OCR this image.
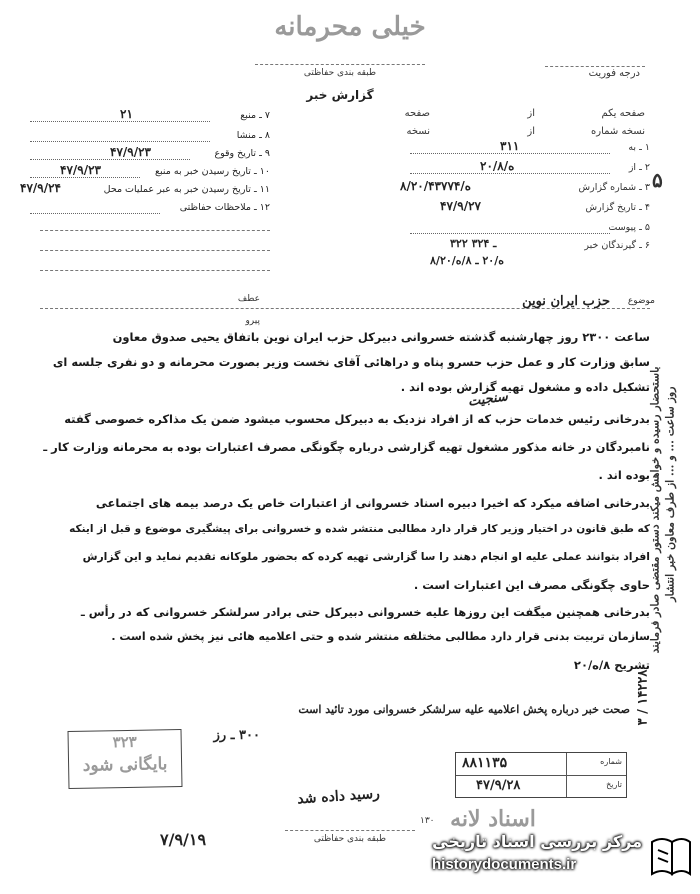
خیلی محرمانه
طبقه بندی حفاظتی	درجه فوریت
گزارش خبر
۷ ـ منبع
۲۱
۸ ـ منشا
۹ ـ تاریخ وقوع
۴۷/۹/۲۳
۱۰ ـ تاریخ رسیدن خبر به منبع
۴۷/۹/۲۳
۱۱ ـ تاریخ رسیدن خبر به عبر عملیات محل
۴۷/۹/۲۴
۱۲ ـ ملاحظات حفاظتی
صفحه یکم
از
صفحه
نسخه شماره
از
نسخه
۱ ـ به
۳۱۱
۲ ـ از
۲۰/ه/۸
۳ ـ شماره گزارش
۸/ه/۲۰/۴۳۷۷۴
۴ ـ تاریخ گزارش
۴۷/۹/۲۷
۵ ـ پیوست
۶ ـ گیرندگان خبر
۳۲۲ ـ ۳۲۴
۸/ه/۲۰ ـ ۸/ه/۲۰
۵
عطف
پیرو
موضوع
حزب ایران نوین
ساعت ۲۳۰۰ روز چهارشنبه گذشته خسروانی دبیرکل حزب ایران نوین باتفاق یحیی صدوق معاون
سابق وزارت کار و عمل حزب حسرو پناه و دراهائی آقای نخست وزیر بصورت محرمانه و دو نفری جلسه ای
تشکیل داده و مشغول تهیه گزارش بوده اند .
بدرخانی رئیس خدمات حزب که از افراد نزدیک به دبیرکل محسوب میشود ضمن یک مذاکره خصوصی گفته
نامبردگان در خانه مذکور مشغول تهیه گزارشی درباره چگونگی مصرف اعتبارات بوده به محرمانه وزارت کار ـ
بوده اند .
بدرخانی اضافه میکرد که اخیرا دبیره اسناد خسروانی از اعتبارات خاص یک درصد بیمه های اجتماعی
که طبق قانون در اختیار وزیر کار قرار دارد مطالبی منتشر شده و خسروانی برای پیشگیری موضوع و قبل از اینکه
افراد بتوانند عملی علیه او انجام دهند را سا گزارشی تهیه کرده که بحضور ملوکانه تقدیم نماید و این گزارش
حاوی چگونگی مصرف این اعتبارات است .
بدرخانی همچنین میگفت این روزها علیه خسروانی دبیرکل حتی برادر سرلشکر خسروانی که در رأس ـ
سازمان تربیت بدنی قرار دارد مطالبی مختلفه منتشر شده و حتی اعلامیه هائی نیز پخش شده است .
تشریح ۸/ه/۲۰
سنجیت	روز ساعت ... و ... از طرف معاون خبر انتشار
باستحضار رسیده و خواهش میکند دستور مقتضی صادر فرمایند
۳ / ۱۴۲۲۸
صحت خبر درباره پخش اعلامیه علیه سرلشکر خسروانی مورد تائید است
۳۰۰ ـ رز
۳۲۳
بایگانی شود	شماره
۸۸۱۱۳۵
تاریخ
۴۷/۹/۲۸
اسناد لانه
رسید داده شد
۷/۹/۱۹	طبقه بندی حفاظتی
۱۳۰
مرکز بررسی اسناد تاریخی
historydocuments.ir
